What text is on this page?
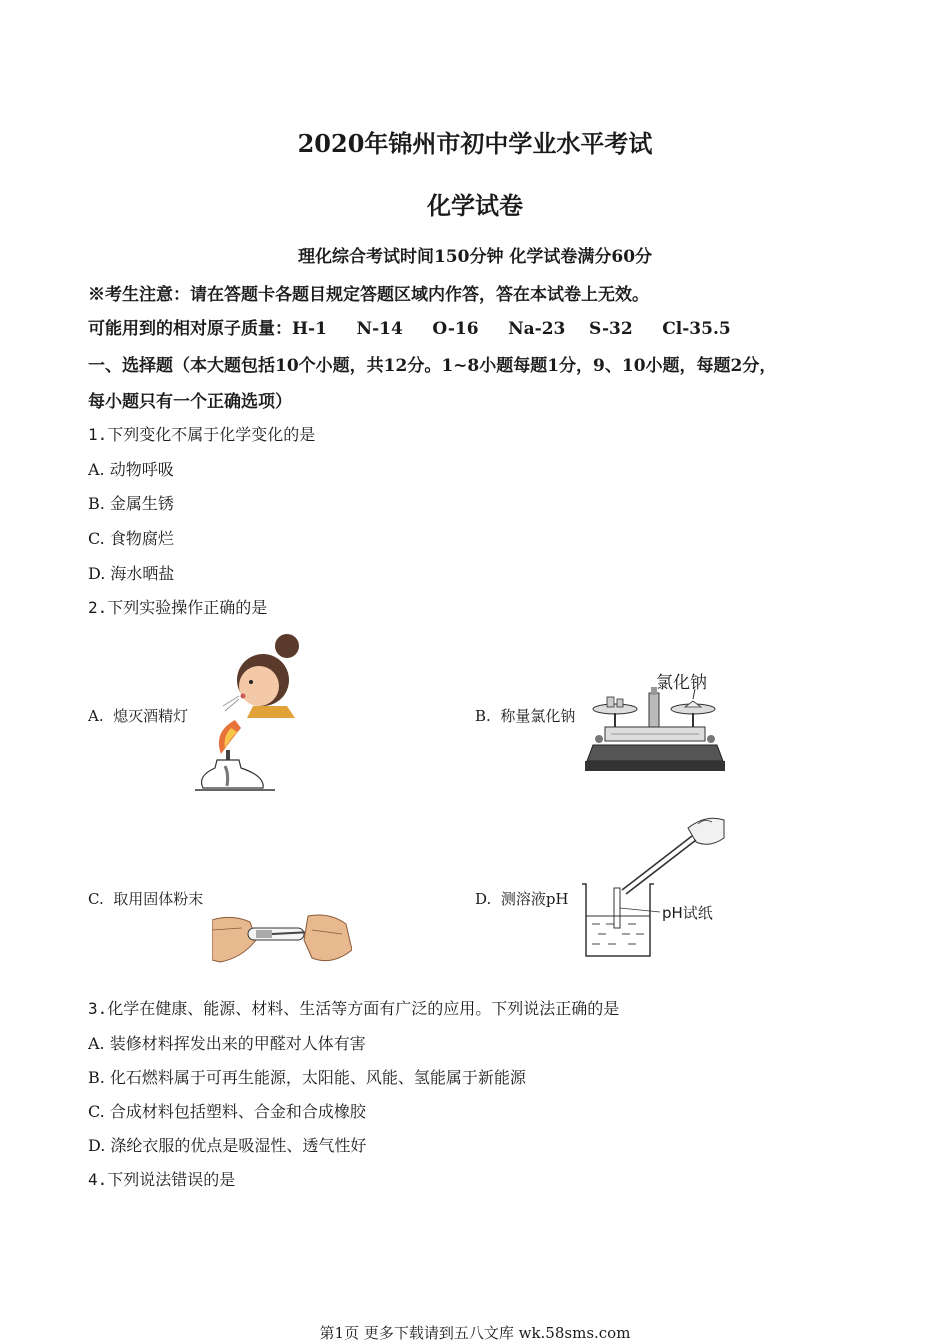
2020年锦州市初中学业水平考试
化学试卷
理化综合考试时间150分钟 化学试卷满分60分
※考生注意：请在答题卡各题目规定答题区域内作答，答在本试卷上无效。
可能用到的相对原子质量：H-1     N-14     O-16     Na-23    S-32     Cl-35.5
一、选择题（本大题包括10个小题，共12分。1~8小题每题1分，9、10小题，每题2分，
每小题只有一个正确选项）
1.下列变化不属于化学变化的是
A. 动物呼吸
B. 金属生锈
C. 食物腐烂
D. 海水晒盐
2.下列实验操作正确的是
A. 熄灭酒精灯	B. 称量氯化钠
氯化钠
C. 取用固体粉末	D. 测溶液pH
pH试纸
3.化学在健康、能源、材料、生活等方面有广泛的应用。下列说法正确的是
A. 装修材料挥发出来的甲醛对人体有害
B. 化石燃料属于可再生能源，太阳能、风能、氢能属于新能源
C. 合成材料包括塑料、合金和合成橡胶
D. 涤纶衣服的优点是吸湿性、透气性好
4.下列说法错误的是
第1页 更多下载请到五八文库 wk.58sms.com
